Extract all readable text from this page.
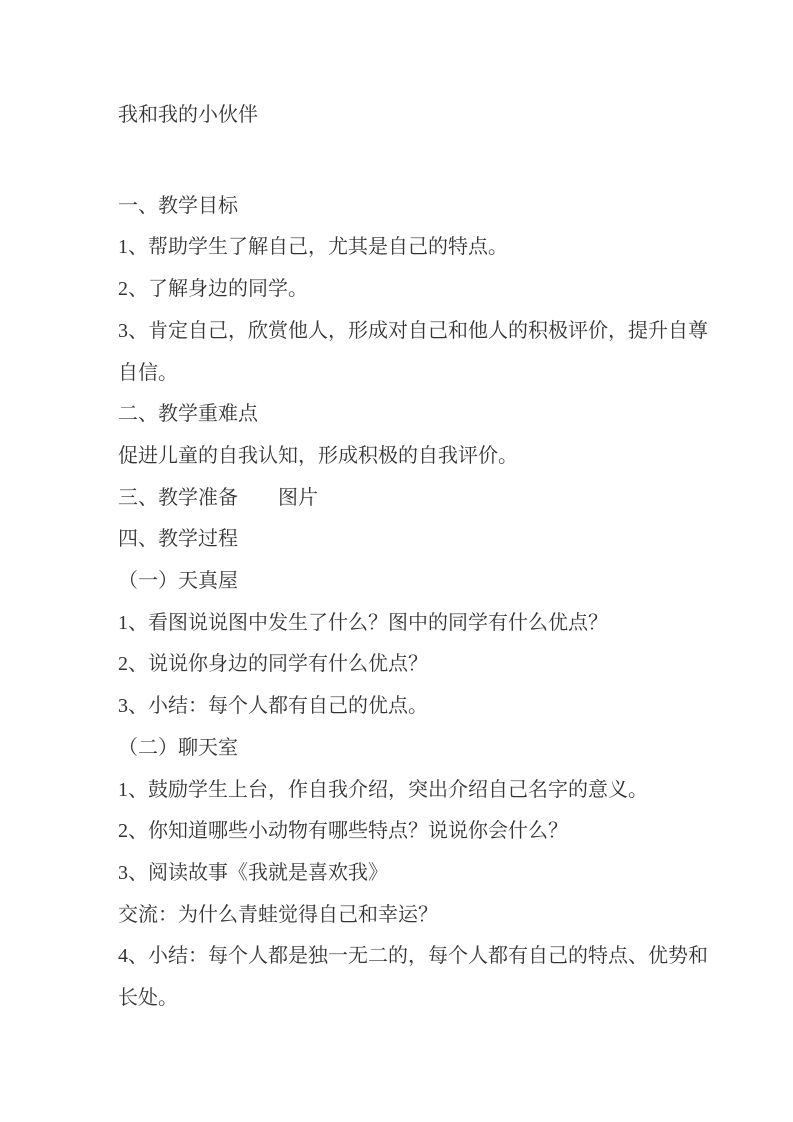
我和我的小伙伴

一、教学目标

1、帮助学生了解自己，尤其是自己的特点。

2、了解身边的同学。

3、肯定自己，欣赏他人，形成对自己和他人的积极评价，提升自尊自信。

二、教学重难点

促进儿童的自我认知，形成积极的自我评价。

三、教学准备　　图片

四、教学过程

（一）天真屋

1、看图说说图中发生了什么？图中的同学有什么优点？

2、说说你身边的同学有什么优点？

3、小结：每个人都有自己的优点。

（二）聊天室

1、鼓励学生上台，作自我介绍，突出介绍自己名字的意义。

2、你知道哪些小动物有哪些特点？说说你会什么？

3、阅读故事《我就是喜欢我》

交流：为什么青蛙觉得自己和幸运？

4、小结：每个人都是独一无二的，每个人都有自己的特点、优势和长处。
